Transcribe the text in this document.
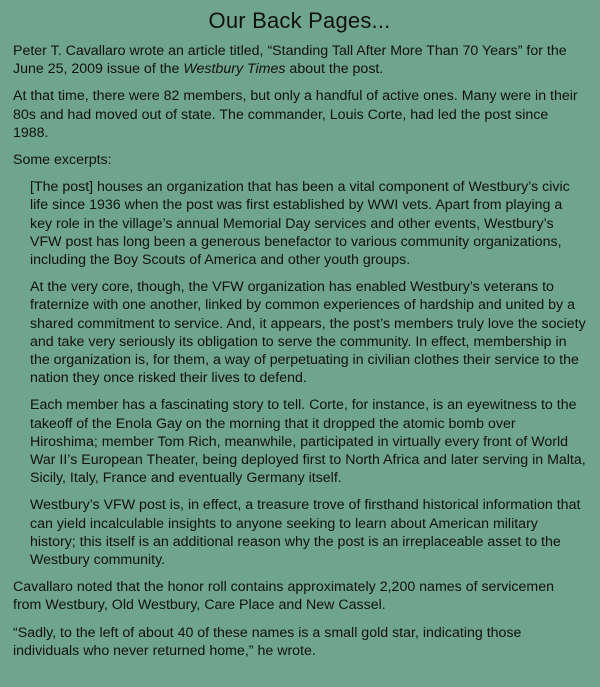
Our Back Pages...

Peter T. Cavallaro wrote an article titled, “Standing Tall After More Than 70 Years” for the June 25, 2009 issue of the Westbury Times about the post.

At that time, there were 82 members, but only a handful of active ones. Many were in their 80s and had moved out of state. The commander, Louis Corte, had led the post since 1988.

Some excerpts:

[The post] houses an organization that has been a vital component of Westbury’s civic life since 1936 when the post was first established by WWI vets. Apart from playing a key role in the village’s annual Memorial Day services and other events, Westbury’s VFW post has long been a generous benefactor to various community organizations, including the Boy Scouts of America and other youth groups.

At the very core, though, the VFW organization has enabled Westbury’s veterans to fraternize with one another, linked by common experiences of hardship and united by a shared commitment to service. And, it appears, the post’s members truly love the society and take very seriously its obligation to serve the community. In effect, membership in the organization is, for them, a way of perpetuating in civilian clothes their service to the nation they once risked their lives to defend.

Each member has a fascinating story to tell. Corte, for instance, is an eyewitness to the takeoff of the Enola Gay on the morning that it dropped the atomic bomb over Hiroshima; member Tom Rich, meanwhile, participated in virtually every front of World War II’s European Theater, being deployed first to North Africa and later serving in Malta, Sicily, Italy, France and eventually Germany itself.

Westbury’s VFW post is, in effect, a treasure trove of firsthand historical information that can yield incalculable insights to anyone seeking to learn about American military history; this itself is an additional reason why the post is an irreplaceable asset to the Westbury community.

Cavallaro noted that the honor roll contains approximately 2,200 names of servicemen from Westbury, Old Westbury, Care Place and New Cassel.

“Sadly, to the left of about 40 of these names is a small gold star, indicating those individuals who never returned home,” he wrote.
